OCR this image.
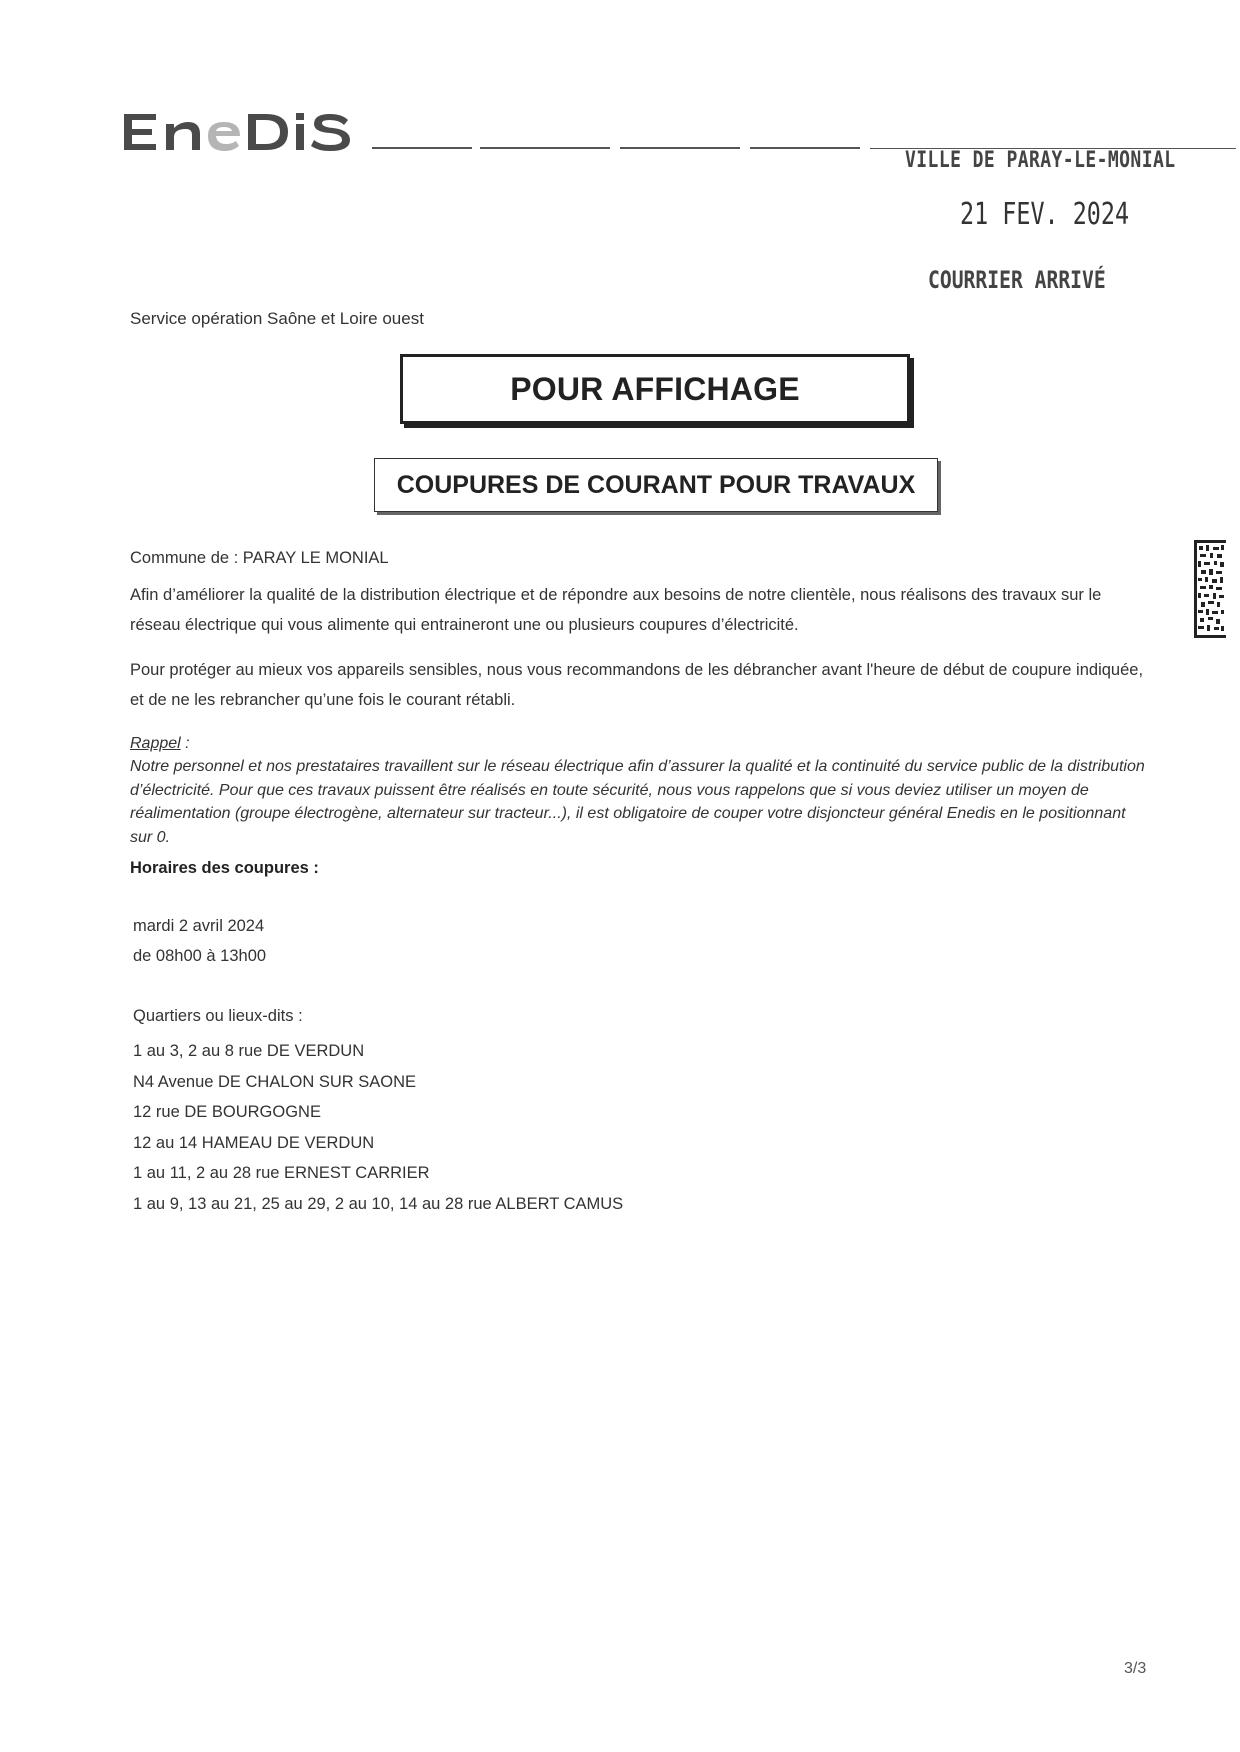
VILLE DE PARAY-LE-MONIAL
21 FEV. 2024
COURRIER ARRIVÉ
Service opération Saône et Loire ouest
POUR AFFICHAGE
COUPURES DE COURANT POUR TRAVAUX
Commune de : PARAY LE MONIAL
Afin d’améliorer la qualité de la distribution électrique et de répondre aux besoins de notre clientèle, nous réalisons des travaux sur le réseau électrique qui vous alimente qui entraineront une ou plusieurs coupures d’électricité.
Pour protéger au mieux vos appareils sensibles, nous vous recommandons de les débrancher avant l'heure de début de coupure indiquée, et de ne les rebrancher qu’une fois le courant rétabli.
Rappel :
Notre personnel et nos prestataires travaillent sur le réseau électrique afin d’assurer la qualité et la continuité du service public de la distribution d’électricité. Pour que ces travaux puissent être réalisés en toute sécurité, nous vous rappelons que si vous deviez utiliser un moyen de réalimentation (groupe électrogène, alternateur sur tracteur...), il est obligatoire de couper votre disjoncteur général Enedis en le positionnant sur 0.
Horaires des coupures :
mardi 2 avril 2024
de 08h00 à 13h00
Quartiers ou lieux-dits :
1 au 3, 2 au 8 rue DE VERDUN
N4 Avenue DE CHALON SUR SAONE
12 rue DE BOURGOGNE
12 au 14 HAMEAU DE VERDUN
1 au 11, 2 au 28 rue ERNEST CARRIER
1 au 9, 13 au 21, 25 au 29, 2 au 10, 14 au 28 rue ALBERT CAMUS
3/3
